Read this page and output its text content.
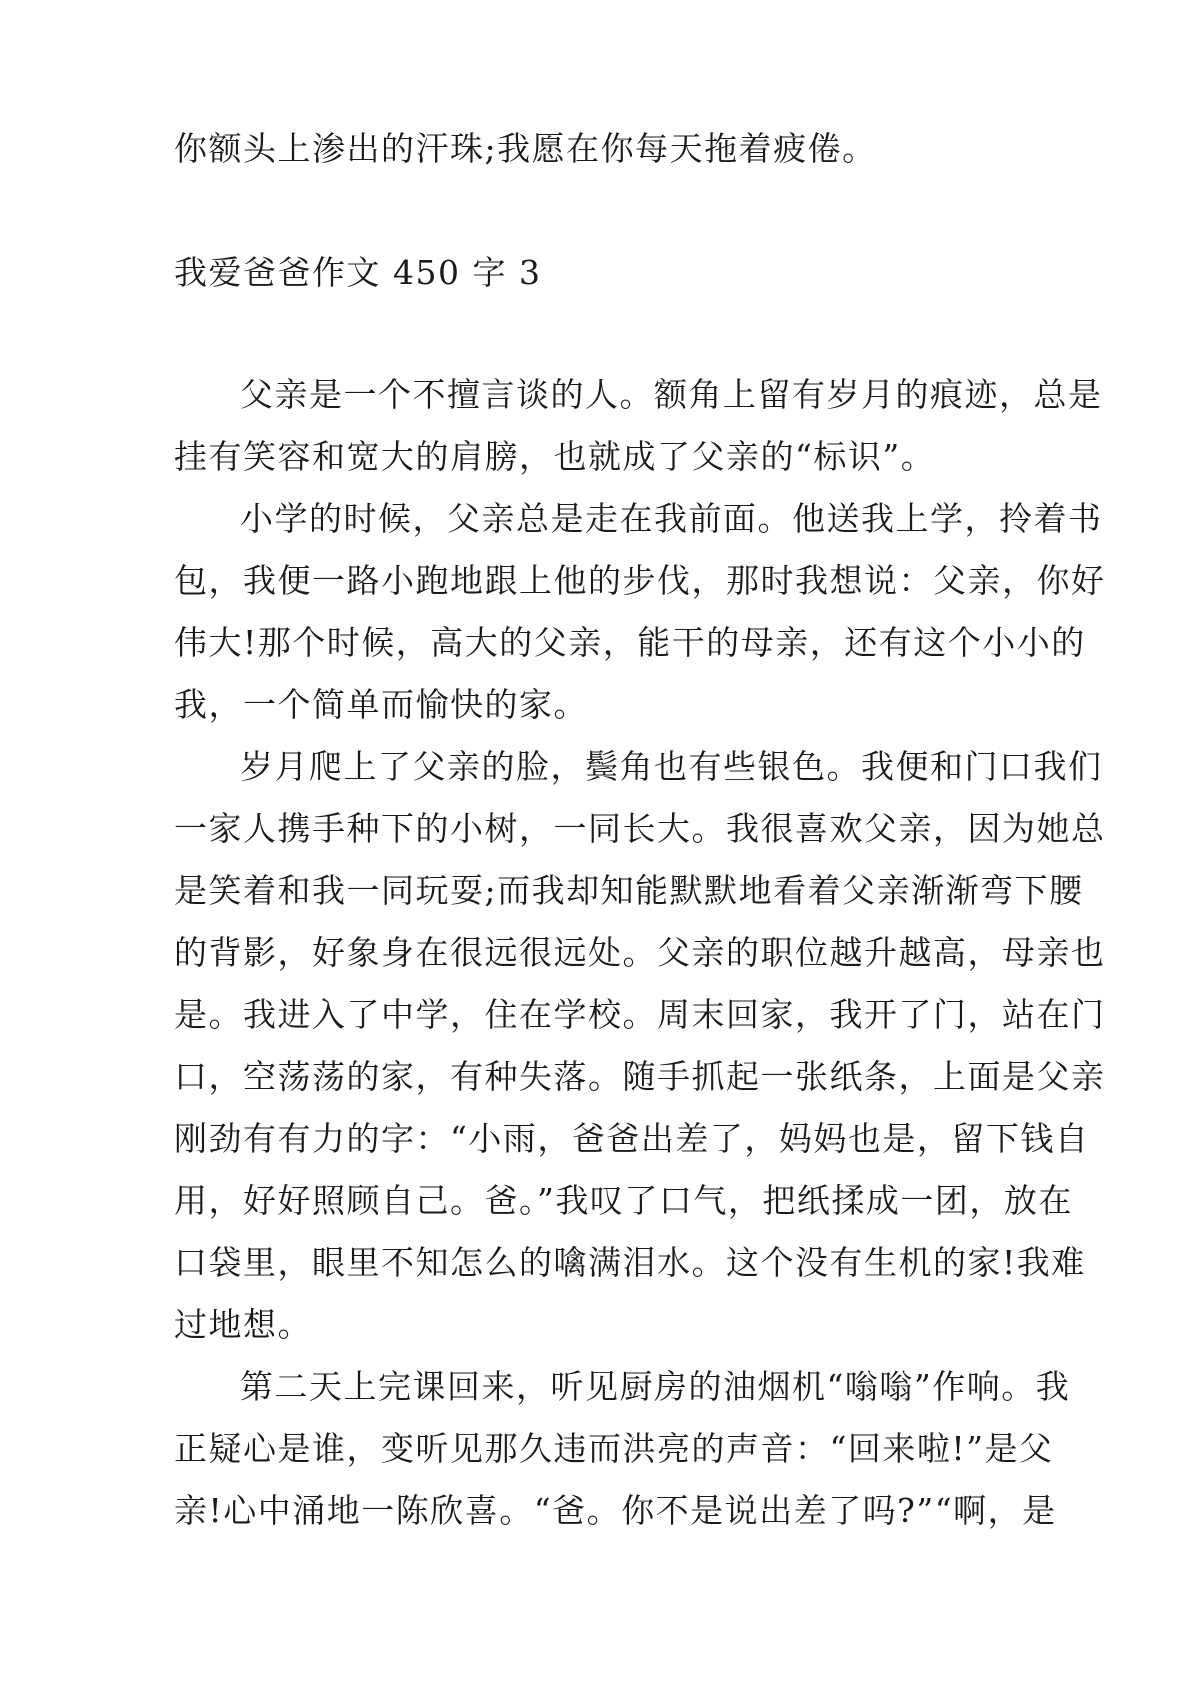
你额头上渗出的汗珠;我愿在你每天拖着疲倦。
我爱爸爸作文 450 字 3
父亲是一个不擅言谈的人。额角上留有岁月的痕迹，总是
挂有笑容和宽大的肩膀，也就成了父亲的“标识”。
小学的时候，父亲总是走在我前面。他送我上学，拎着书
包，我便一路小跑地跟上他的步伐，那时我想说：父亲，你好
伟大!那个时候，高大的父亲，能干的母亲，还有这个小小的
我，一个简单而愉快的家。
岁月爬上了父亲的脸，鬓角也有些银色。我便和门口我们
一家人携手种下的小树，一同长大。我很喜欢父亲，因为她总
是笑着和我一同玩耍;而我却知能默默地看着父亲渐渐弯下腰
的背影，好象身在很远很远处。父亲的职位越升越高，母亲也
是。我进入了中学，住在学校。周末回家，我开了门，站在门
口，空荡荡的家，有种失落。随手抓起一张纸条，上面是父亲
刚劲有有力的字：“小雨，爸爸出差了，妈妈也是，留下钱自
用，好好照顾自己。爸。”我叹了口气，把纸揉成一团，放在
口袋里，眼里不知怎么的噙满泪水。这个没有生机的家!我难
过地想。
第二天上完课回来，听见厨房的油烟机“嗡嗡”作响。我
正疑心是谁，变听见那久违而洪亮的声音：“回来啦!”是父
亲!心中涌地一陈欣喜。“爸。你不是说出差了吗?”“啊，是
